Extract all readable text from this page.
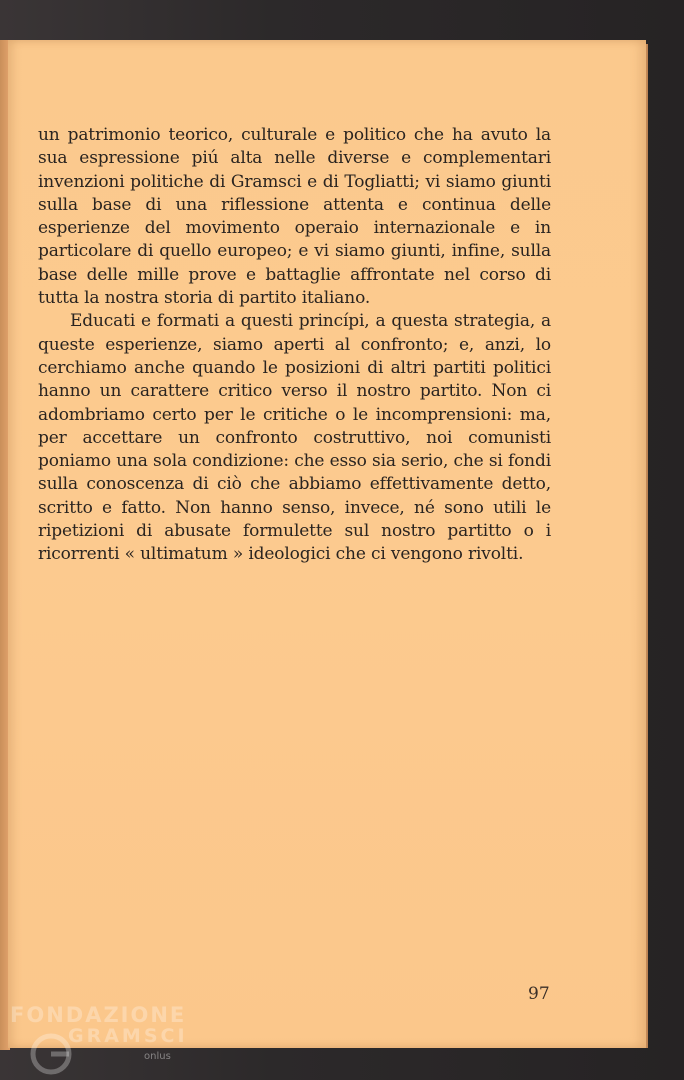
un patrimonio teorico, culturale e politico che ha avuto la sua espressione piú alta nelle diverse e complementari invenzioni politiche di Gramsci e di Togliatti; vi siamo giunti sulla base di una riflessione attenta e continua delle esperienze del movimento operaio internazionale e in particolare di quello europeo; e vi siamo giunti, infine, sulla base delle mille prove e battaglie affrontate nel corso di tutta la nostra storia di partito italiano.

Educati e formati a questi princípi, a questa strategia, a queste esperienze, siamo aperti al confronto; e, anzi, lo cerchiamo anche quando le posizioni di altri partiti politici hanno un carattere critico verso il nostro partito. Non ci adombriamo certo per le critiche o le incomprensioni: ma, per accettare un confronto costruttivo, noi comunisti poniamo una sola condizione: che esso sia serio, che si fondi sulla conoscenza di ciò che abbiamo effettivamente detto, scritto e fatto. Non hanno senso, invece, né sono utili le ripetizioni di abusate formulette sul nostro partitto o i ricorrenti « ultimatum » ideologici che ci vengono rivolti.

97
FONDAZIONE
GRAMSCI
onlus
